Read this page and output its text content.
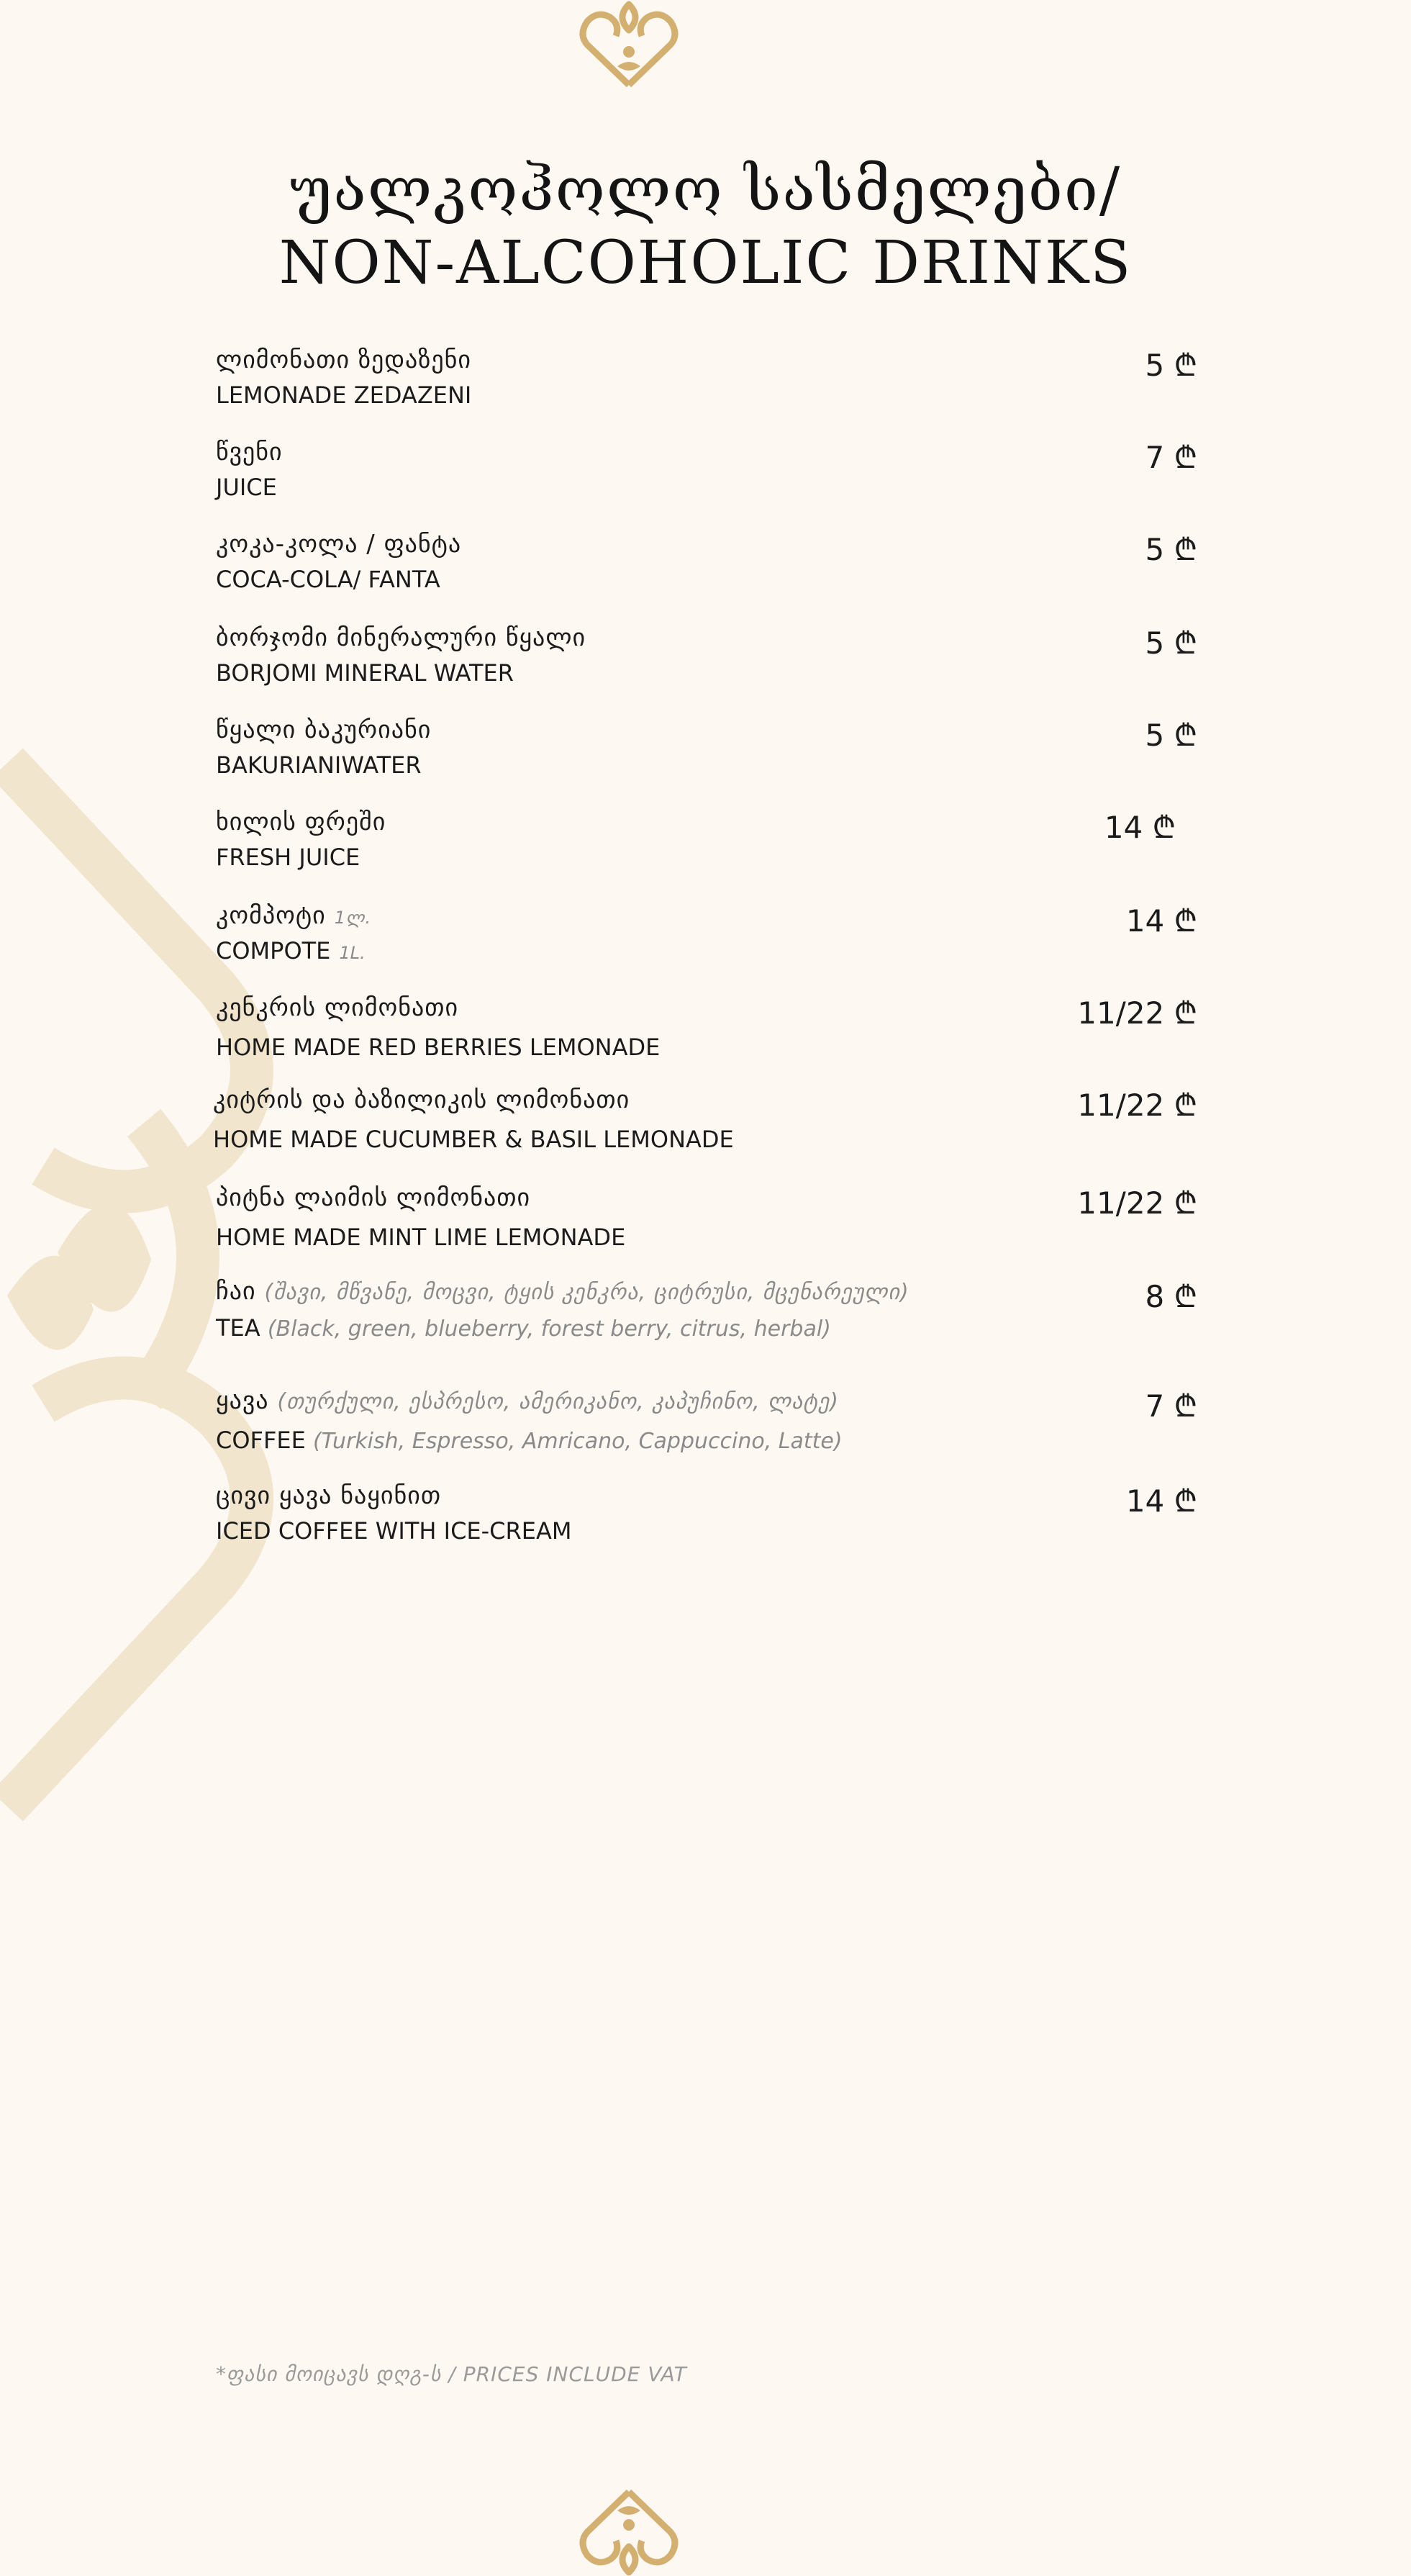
უალკოჰოლო სასმელები/
NON-ALCOHOLIC DRINKS
ლიმონათი ზედაზენი
LEMONADE ZEDAZENI
5 ₾
წვენი
JUICE
7 ₾
კოკა-კოლა / ფანტა
COCA-COLA/ FANTA
5 ₾
ბორჯომი მინერალური წყალი
BORJOMI MINERAL WATER
5 ₾
წყალი ბაკურიანი
BAKURIANIWATER
5 ₾
ხილის ფრეში
FRESH JUICE
14 ₾
კომპოტი 1ლ.
COMPOTE 1L.
14 ₾
კენკრის ლიმონათი
HOME MADE RED BERRIES LEMONADE
11/22 ₾
კიტრის და ბაზილიკის ლიმონათი
HOME MADE CUCUMBER & BASIL LEMONADE
11/22 ₾
პიტნა ლაიმის ლიმონათი
HOME MADE MINT LIME LEMONADE
11/22 ₾
ჩაი (შავი, მწვანე, მოცვი, ტყის კენკრა, ციტრუსი, მცენარეული)
TEA (Black, green, blueberry, forest berry, citrus, herbal)
8 ₾
ყავა (თურქული, ესპრესო, ამერიკანო, კაპუჩინო, ლატე)
COFFEE (Turkish, Espresso, Amricano, Cappuccino, Latte)
7 ₾
ცივი ყავა ნაყინით
ICED COFFEE WITH ICE-CREAM
14 ₾
*ფასი მოიცავს დღგ-ს / PRICES INCLUDE VAT
